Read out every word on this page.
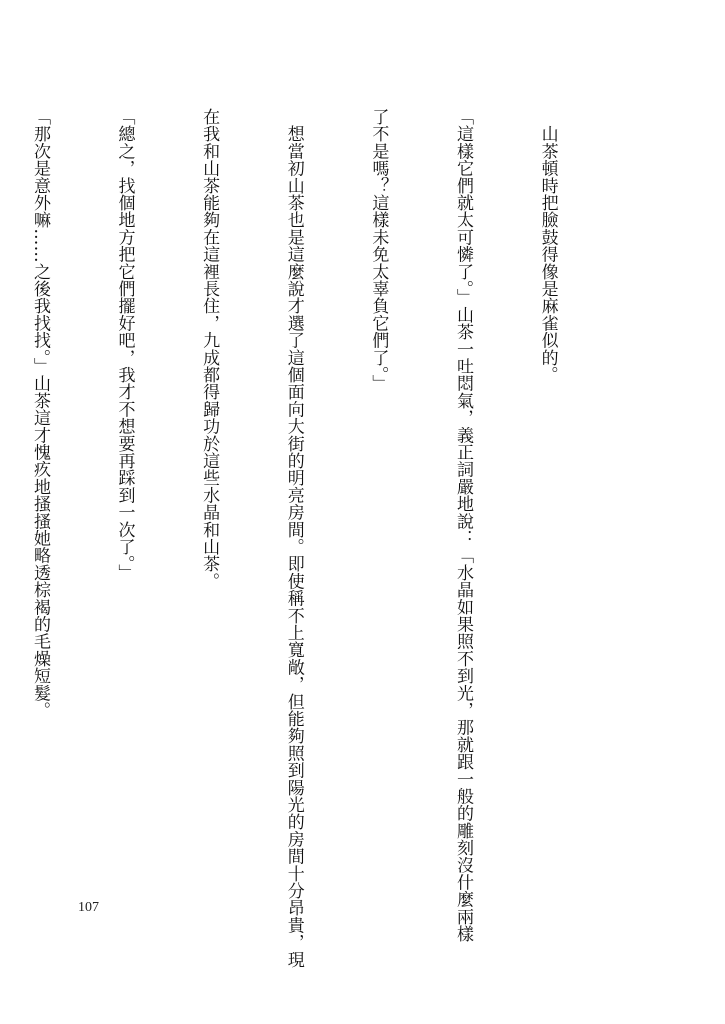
　山茶頓時把臉鼓得像是麻雀似的。

「這樣它們就太可憐了。」山茶一吐悶氣，義正詞嚴地說：「水晶如果照不到光，那就跟一般的雕刻沒什麼兩樣

了不是嗎？這樣未免太辜負它們了。」

　想當初山茶也是這麼說才選了這個面向大街的明亮房間。即使稱不上寬敞，但能夠照到陽光的房間十分昂貴，現

在我和山茶能夠在這裡長住，九成都得歸功於這些水晶和山茶。

「總之，找個地方把它們擺好吧，我才不想要再踩到一次了。」

「那次是意外嘛……之後我找找。」山茶這才愧疚地搔搔她略透棕褐的毛燥短髮。

107
